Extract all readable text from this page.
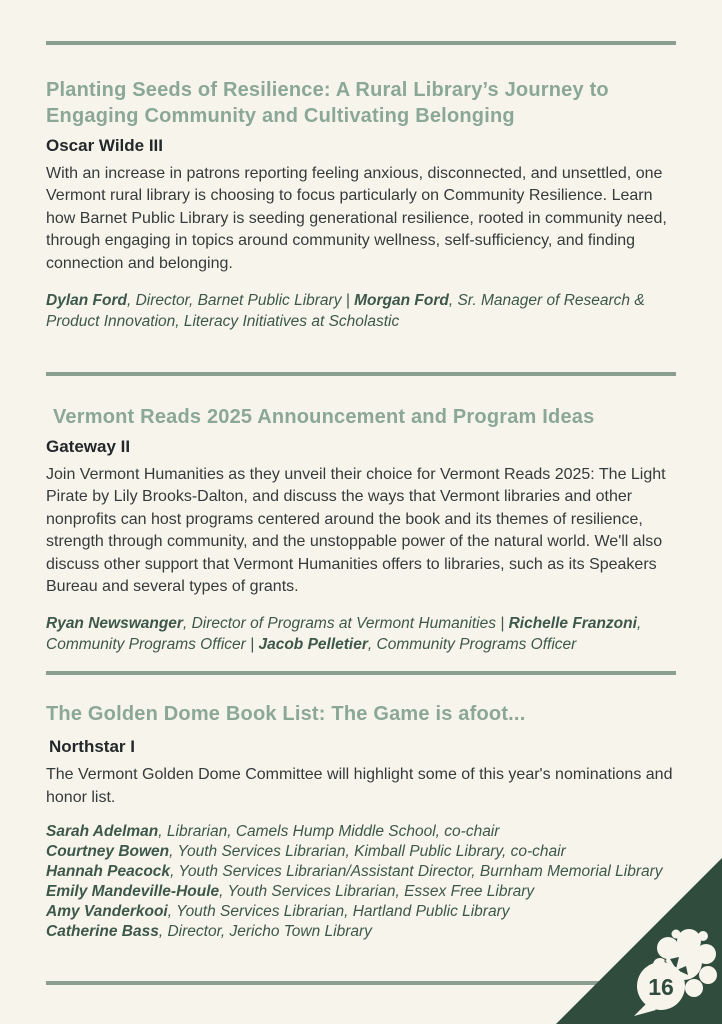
Planting Seeds of Resilience: A Rural Library’s Journey to Engaging Community and Cultivating Belonging

Oscar Wilde III

With an increase in patrons reporting feeling anxious, disconnected, and unsettled, one Vermont rural library is choosing to focus particularly on Community Resilience. Learn how Barnet Public Library is seeding generational resilience, rooted in community need, through engaging in topics around community wellness, self-sufficiency, and finding connection and belonging.

Dylan Ford, Director, Barnet Public Library | Morgan Ford, Sr. Manager of Research & Product Innovation, Literacy Initiatives at Scholastic

Vermont Reads 2025 Announcement and Program Ideas

Gateway II

Join Vermont Humanities as they unveil their choice for Vermont Reads 2025: The Light Pirate by Lily Brooks-Dalton, and discuss the ways that Vermont libraries and other nonprofits can host programs centered around the book and its themes of resilience, strength through community, and the unstoppable power of the natural world. We'll also discuss other support that Vermont Humanities offers to libraries, such as its Speakers Bureau and several types of grants.

Ryan Newswanger, Director of Programs at Vermont Humanities | Richelle Franzoni, Community Programs Officer | Jacob Pelletier, Community Programs Officer

The Golden Dome Book List: The Game is afoot...

Northstar I

The Vermont Golden Dome Committee will highlight some of this year's nominations and honor list.

Sarah Adelman, Librarian, Camels Hump Middle School, co-chair
Courtney Bowen, Youth Services Librarian, Kimball Public Library, co-chair
Hannah Peacock, Youth Services Librarian/Assistant Director, Burnham Memorial Library
Emily Mandeville-Houle, Youth Services Librarian, Essex Free Library
Amy Vanderkooi, Youth Services Librarian, Hartland Public Library
Catherine Bass, Director, Jericho Town Library
16
